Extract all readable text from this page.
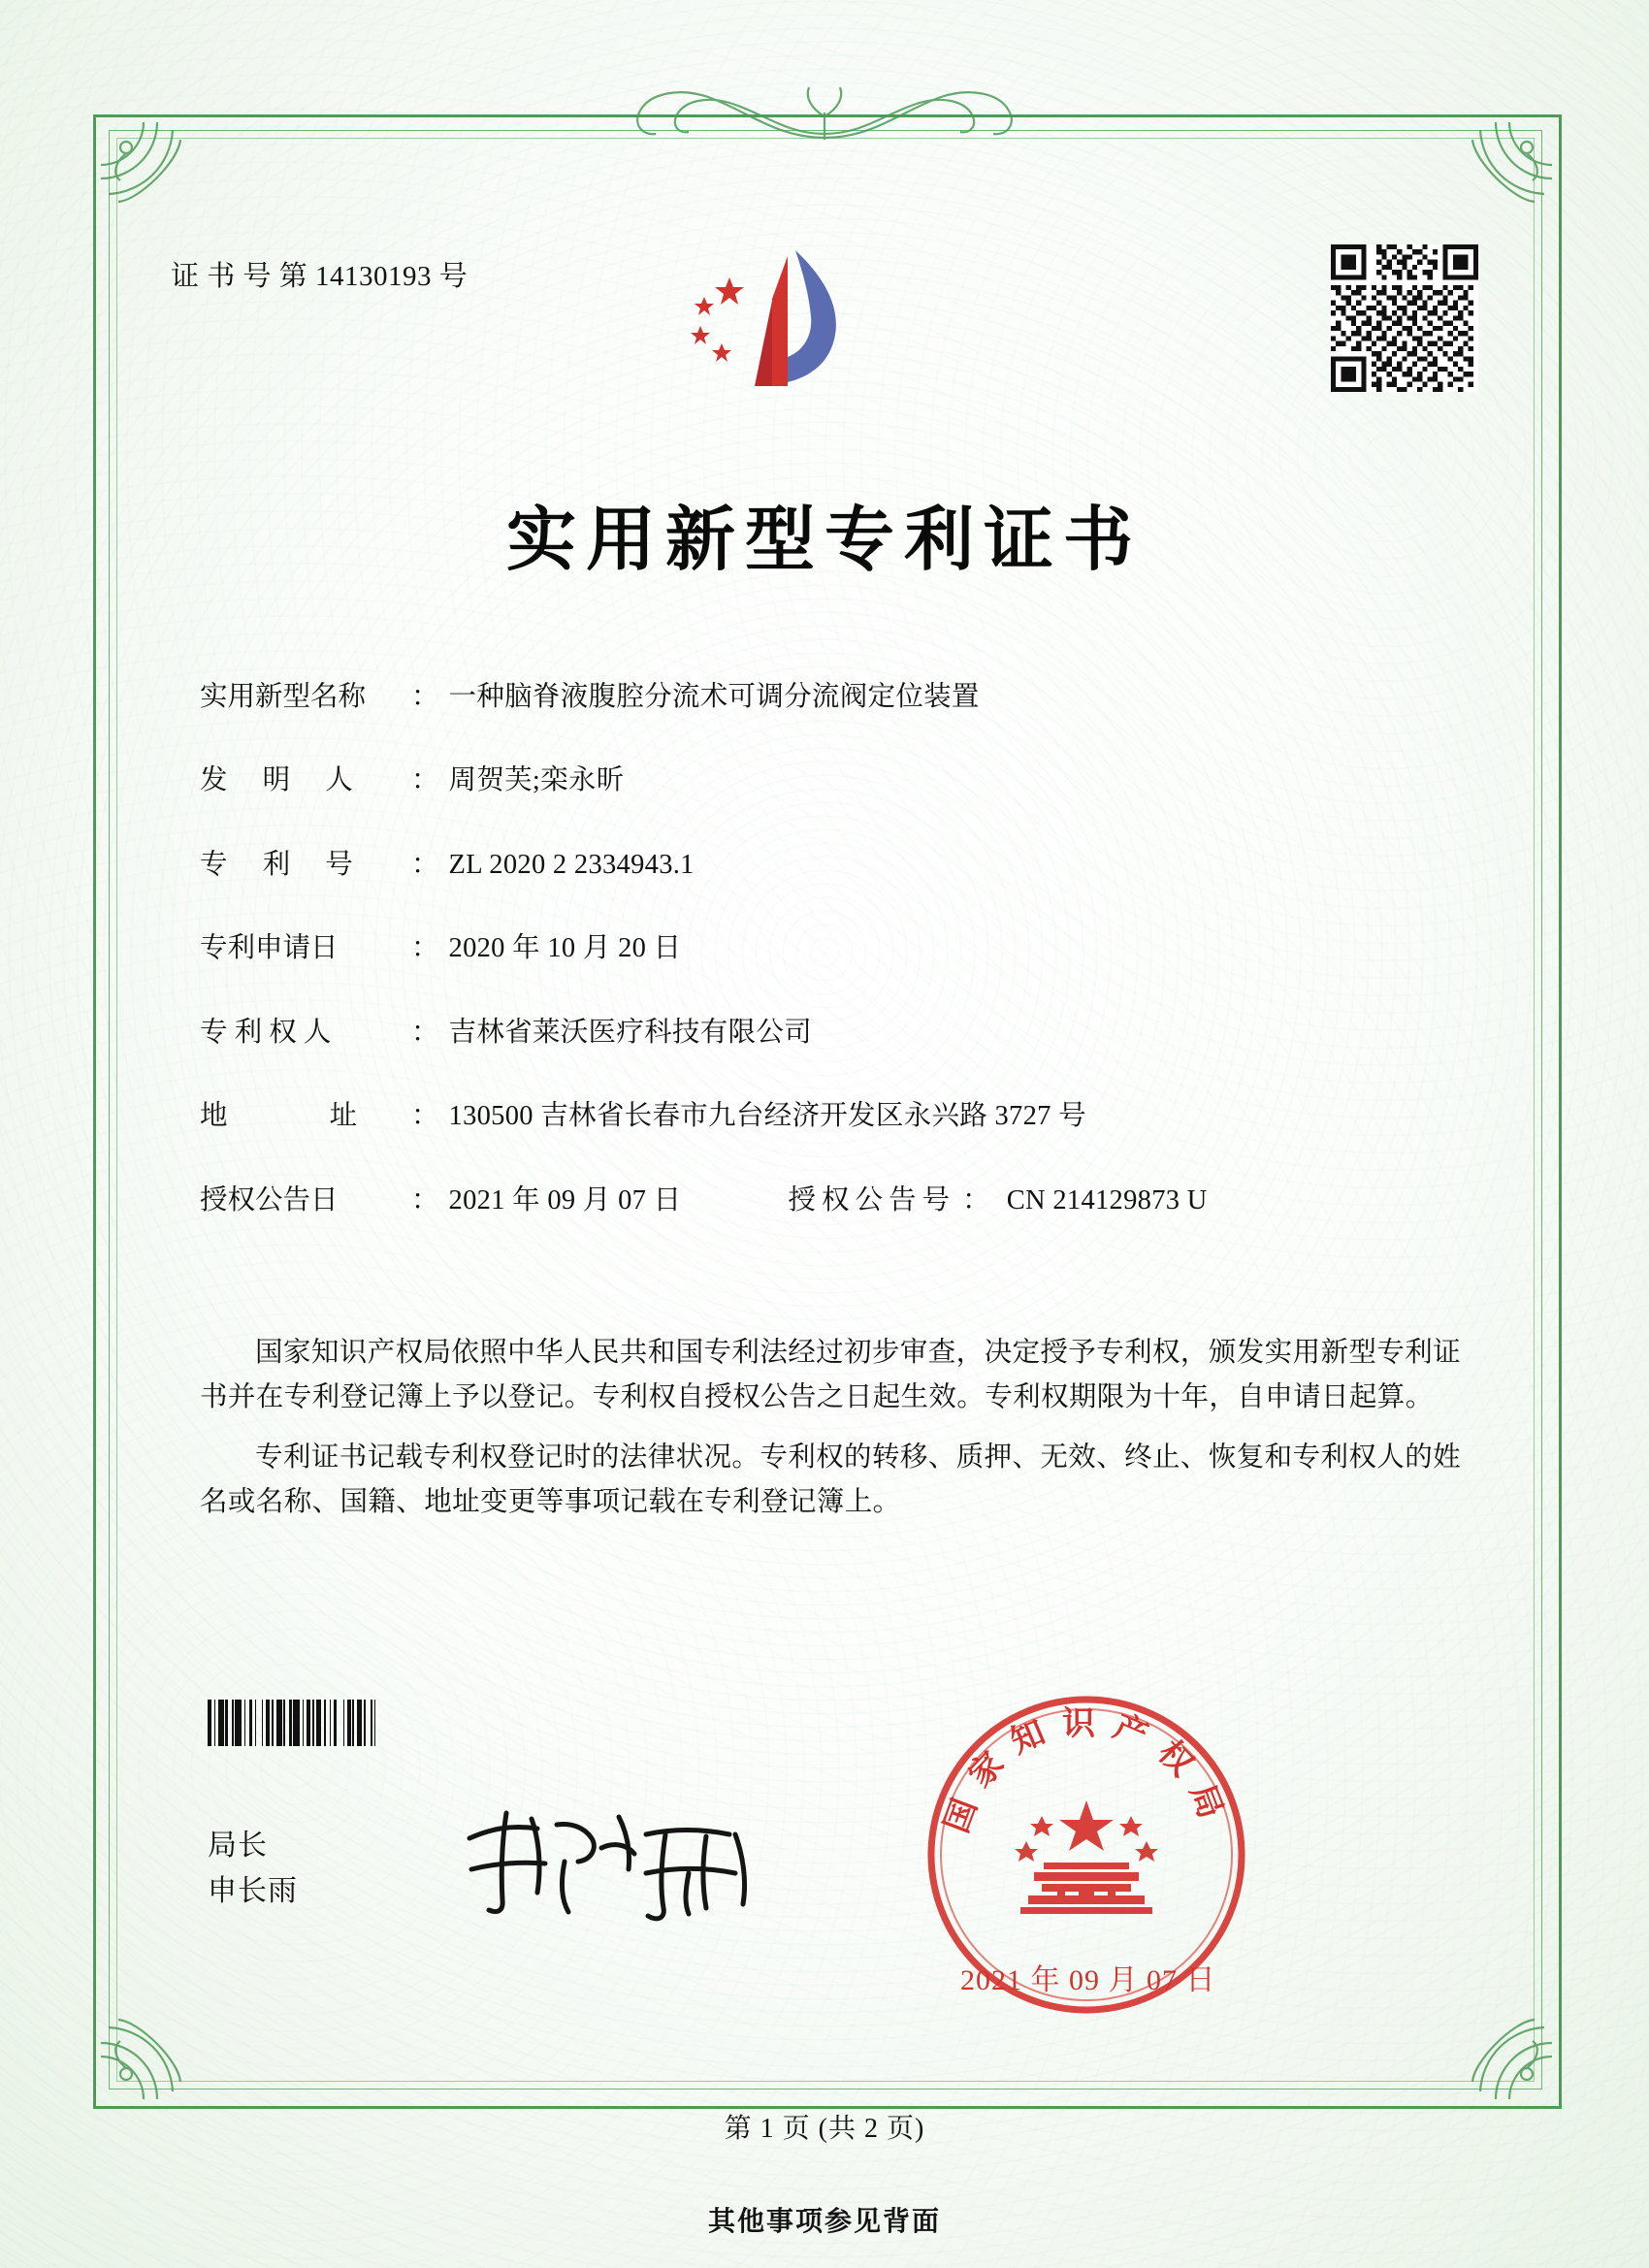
证 书 号 第 14130193 号
实用新型专利证书
实用新型名称	： 一种脑脊液腹腔分流术可调分流阀定位装置
发 明 人	： 周贺芙;栾永昕
专 利 号	： ZL 2020 2 2334943.1
专利申请日	： 2020 年 10 月 20 日
专 利 权 人	： 吉林省莱沃医疗科技有限公司
地 址 ： 130500 吉林省长春市九台经济开发区永兴路 3727 号
授权公告日	： 2021 年 09 月 07 日	授权公告号 ： CN 214129873 U

国家知识产权局依照中华人民共和国专利法经过初步审查，决定授予专利权，颁发实用新型专利证书并在专利登记簿上予以登记。专利权自授权公告之日起生效。专利权期限为十年，自申请日起算。

专利证书记载专利权登记时的法律状况。专利权的转移、质押、无效、终止、恢复和专利权人的姓名或名称、国籍、地址变更等事项记载在专利登记簿上。

局长
申长雨
国家知识产权局
2021 年 09 月 07 日
第 1 页 (共 2 页)
其他事项参见背面
